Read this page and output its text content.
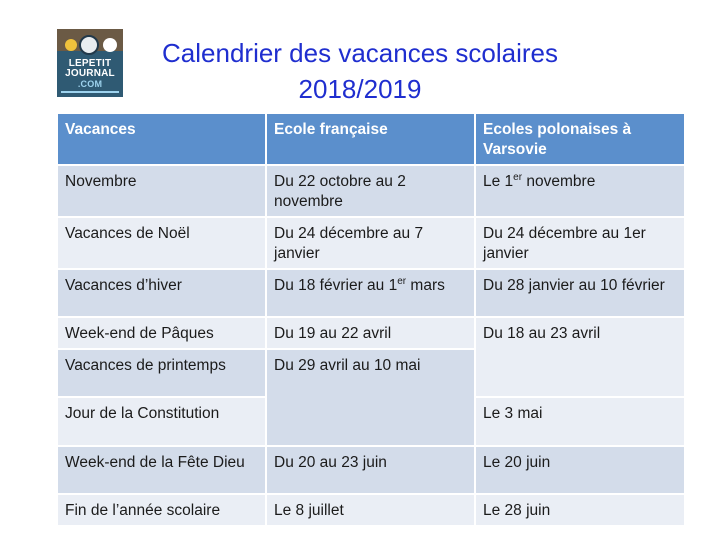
LEPETIT
JOURNAL
.COM
Calendrier des vacances scolaires
2018/2019
Vacances	Ecole française	Ecoles polonaises à Varsovie
Novembre	Du 22 octobre au 2 novembre	Le 1er novembre
Vacances de Noël	Du 24 décembre au 7 janvier	Du 24 décembre au 1er janvier
Vacances d’hiver	Du 18 février au 1er mars	Du 28 janvier au 10 février
Week-end de Pâques	Du 19 au 22 avril	Du 18 au 23 avril
Vacances de printemps	Du 29 avril au 10 mai	
Jour de la Constitution		Le 3 mai
Week-end de la Fête Dieu	Du 20 au 23 juin	Le 20 juin
Fin de l’année scolaire	Le 8 juillet	Le 28 juin
